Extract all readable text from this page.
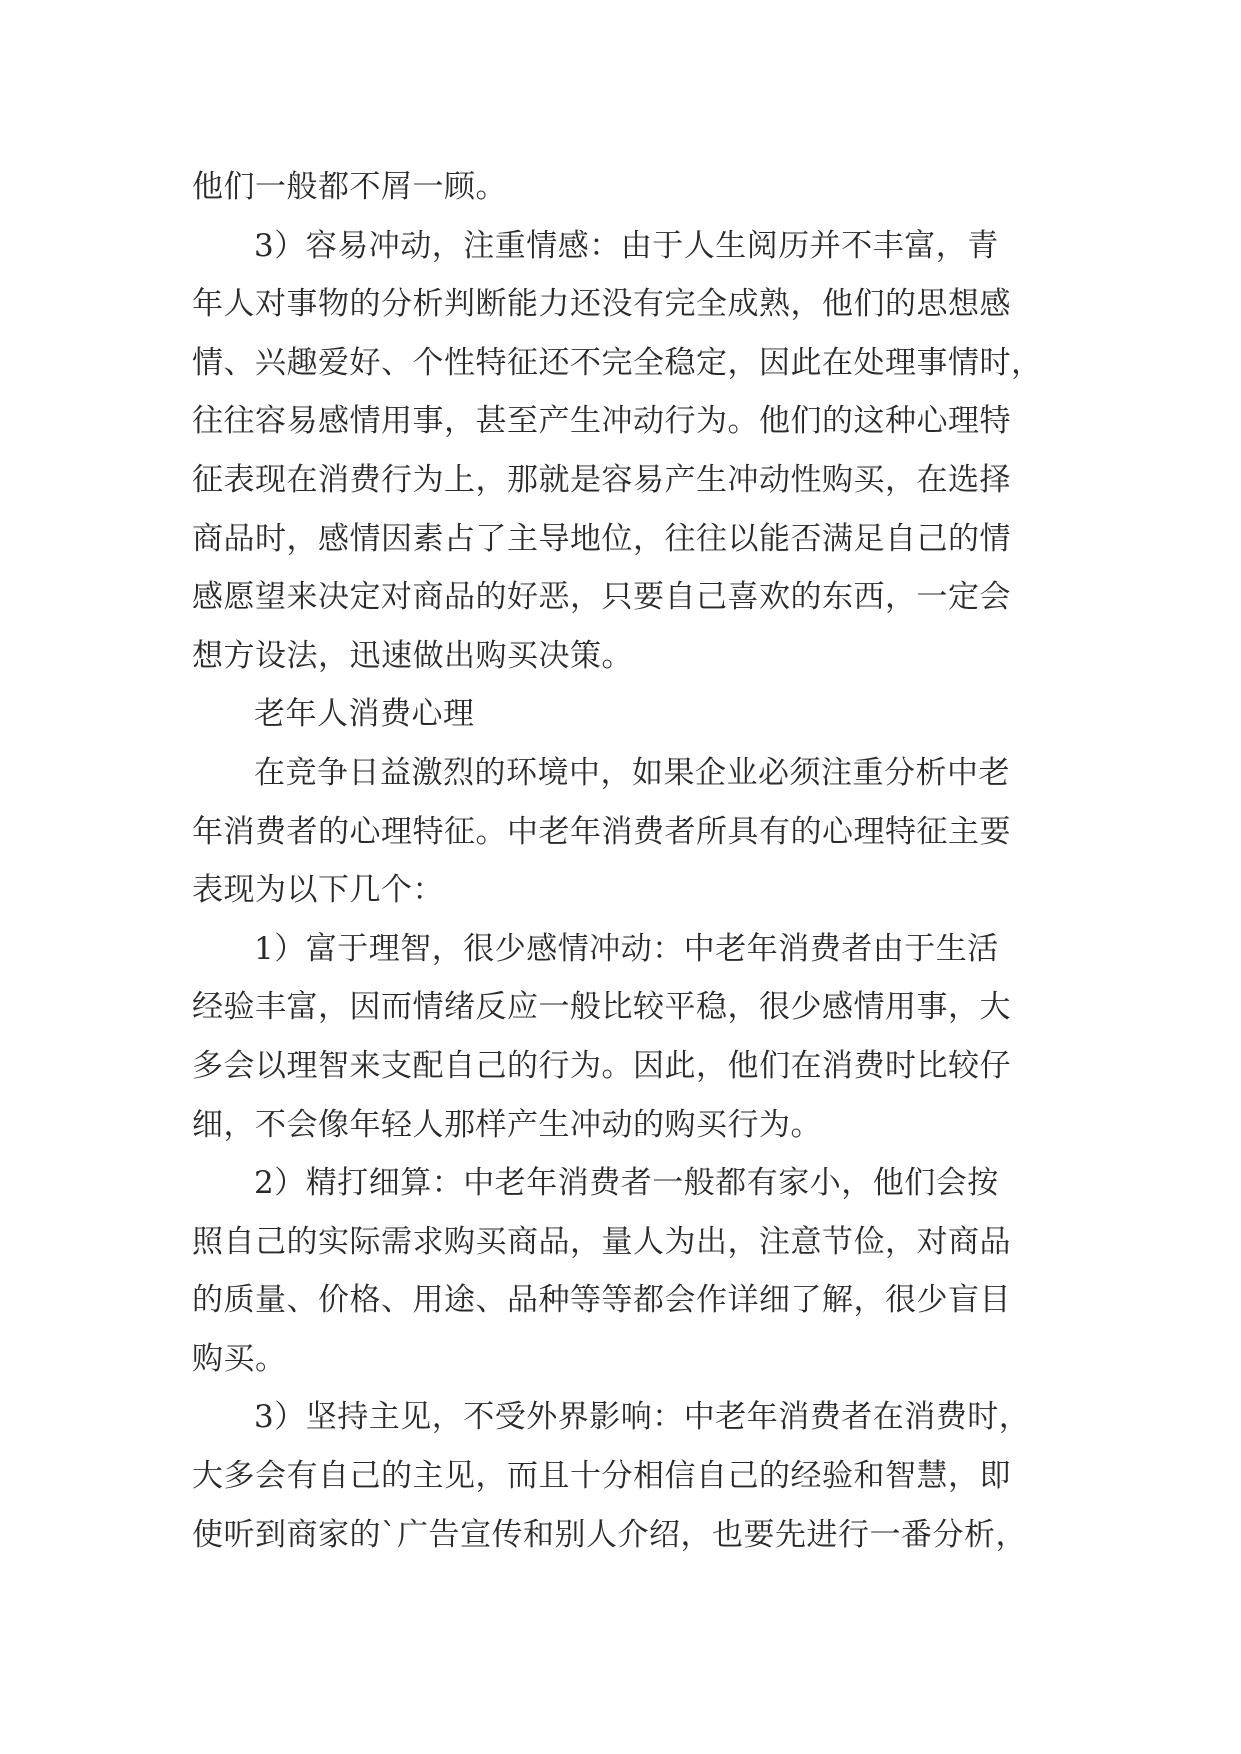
他们一般都不屑一顾。
3）容易冲动，注重情感：由于人生阅历并不丰富，青
年人对事物的分析判断能力还没有完全成熟，他们的思想感
情、兴趣爱好、个性特征还不完全稳定，因此在处理事情时，
往往容易感情用事，甚至产生冲动行为。他们的这种心理特
征表现在消费行为上，那就是容易产生冲动性购买，在选择
商品时，感情因素占了主导地位，往往以能否满足自己的情
感愿望来决定对商品的好恶，只要自己喜欢的东西，一定会
想方设法，迅速做出购买决策。
老年人消费心理
在竞争日益激烈的环境中，如果企业必须注重分析中老
年消费者的心理特征。中老年消费者所具有的心理特征主要
表现为以下几个：
1）富于理智，很少感情冲动：中老年消费者由于生活
经验丰富，因而情绪反应一般比较平稳，很少感情用事，大
多会以理智来支配自己的行为。因此，他们在消费时比较仔
细，不会像年轻人那样产生冲动的购买行为。
2）精打细算：中老年消费者一般都有家小，他们会按
照自己的实际需求购买商品，量人为出，注意节俭，对商品
的质量、价格、用途、品种等等都会作详细了解，很少盲目
购买。
3）坚持主见，不受外界影响：中老年消费者在消费时，
大多会有自己的主见，而且十分相信自己的经验和智慧，即
使听到商家的`广告宣传和别人介绍，也要先进行一番分析，
